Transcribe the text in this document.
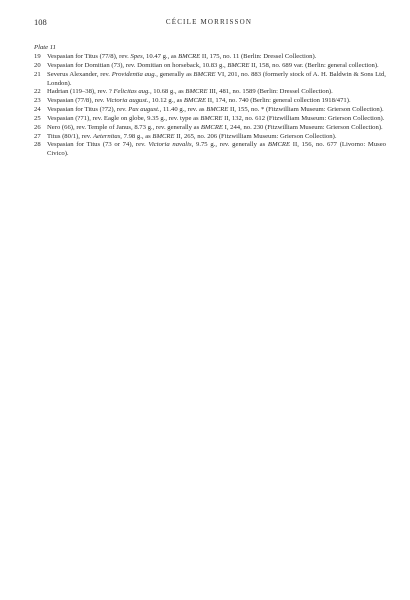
108	CÉCILE MORRISSON
Plate 11
19 Vespasian for Titus (77/8), rev. Spes, 10.47 g., as BMCRE II, 175, no. 11 (Berlin: Dressel Collection).
20 Vespasian for Domitian (73), rev. Domitian on horseback, 10.83 g., BMCRE II, 158, no. 689 var. (Berlin: general collection).
21 Severus Alexander, rev. Providentia aug., generally as BMCRE VI, 201, no. 883 (formerly stock of A. H. Baldwin & Sons Ltd, London).
22 Hadrian (119–38), rev. ? Felicitas aug., 10.68 g., as BMCRE III, 481, no. 1589 (Berlin: Dressel Collection).
23 Vespasian (77/8), rev. Victoria august., 10.12 g., as BMCRE II, 174, no. 740 (Berlin: general collection 1918/471).
24 Vespasian for Titus (?72), rev. Pax august., 11.40 g., rev. as BMCRE II, 155, no. * (Fitzwilliam Museum: Grierson Collection).
25 Vespasian (?71), rev. Eagle on globe, 9.35 g., rev. type as BMCRE II, 132, no. 612 (Fitzwilliam Museum: Grierson Collection).
26 Nero (66), rev. Temple of Janus, 8.73 g., rev. generally as BMCRE I, 244, no. 230 (Fitzwilliam Museum: Grierson Collection).
27 Titus (80/1), rev. Aeternitas, 7.98 g., as BMCRE II, 265, no. 206 (Fitzwilliam Museum: Grierson Collection).
28 Vespasian for Titus (73 or 74), rev. Victoria navalis, 9.75 g., rev. generally as BMCRE II, 156, no. 677 (Livorno: Museo Civico).
